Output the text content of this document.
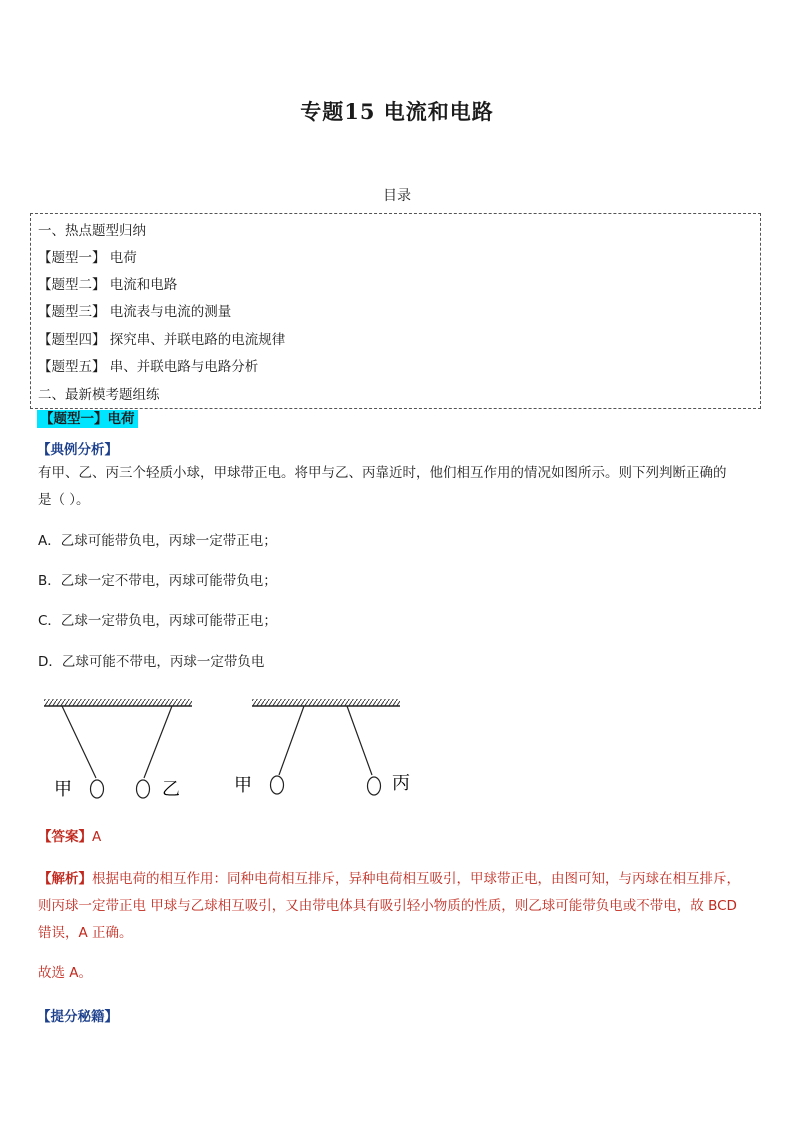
专题15 电流和电路
目录
一、热点题型归纳
【题型一】 电荷
【题型二】 电流和电路
【题型三】 电流表与电流的测量
【题型四】 探究串、并联电路的电流规律
【题型五】 串、并联电路与电路分析
二、最新模考题组练
【题型一】电荷
【典例分析】
有甲、乙、丙三个轻质小球，甲球带正电。将甲与乙、丙靠近时，他们相互作用的情况如图所示。则下列判断正确的
是（ ）。
A．乙球可能带负电，丙球一定带正电；
B．乙球一定不带电，丙球可能带负电；
C．乙球一定带负电，丙球可能带正电；
D．乙球可能不带电，丙球一定带负电
甲	乙	甲	丙
【答案】A
【解析】根据电荷的相互作用：同种电荷相互排斥，异种电荷相互吸引，甲球带正电，由图可知，与丙球在相互排斥，
则丙球一定带正电 甲球与乙球相互吸引，又由带电体具有吸引轻小物质的性质，则乙球可能带负电或不带电，故 BCD
错误，A 正确。
故选 A。
【提分秘籍】
